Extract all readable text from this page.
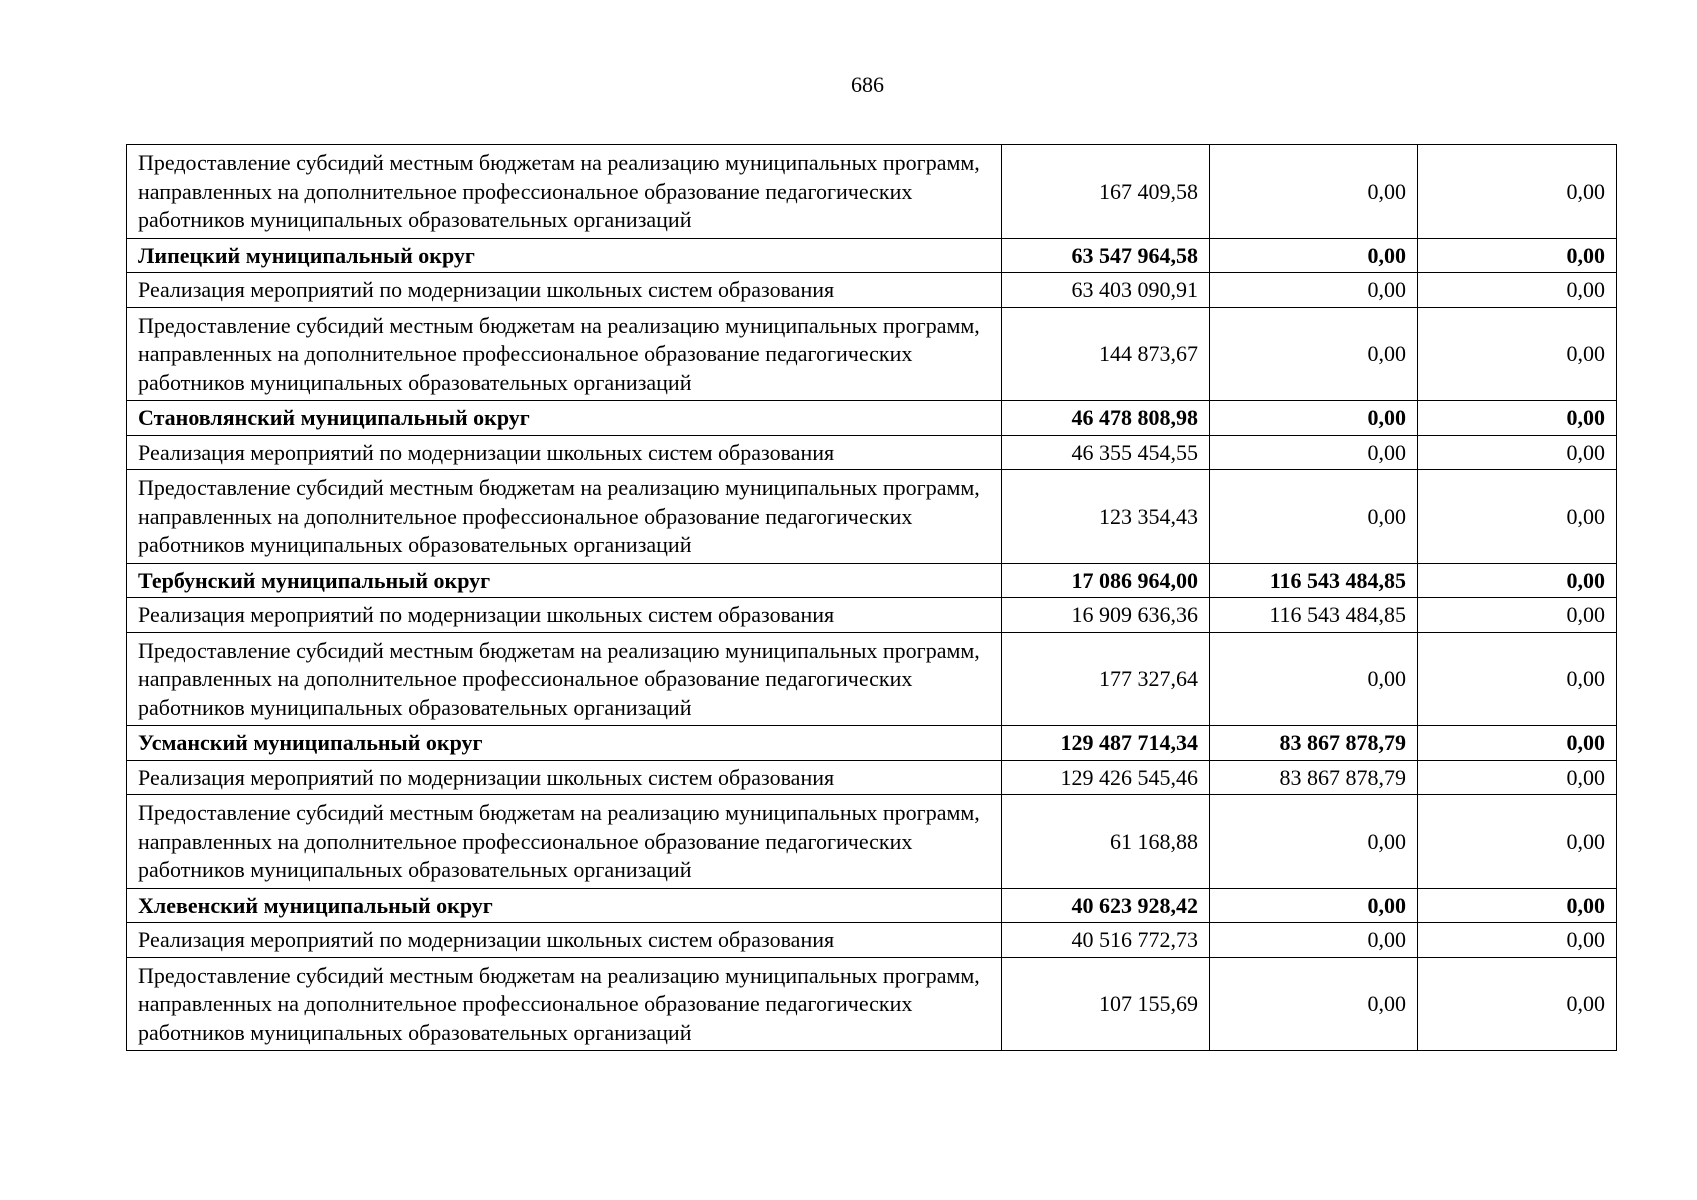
686
Предоставление субсидий местным бюджетам на реализацию муниципальных программ, направленных на дополнительное профессиональное образование педагогических работников муниципальных образовательных организаций	167 409,58	0,00	0,00
Липецкий муниципальный округ	63 547 964,58	0,00	0,00
Реализация мероприятий по модернизации школьных систем образования	63 403 090,91	0,00	0,00
Предоставление субсидий местным бюджетам на реализацию муниципальных программ, направленных на дополнительное профессиональное образование педагогических работников муниципальных образовательных организаций	144 873,67	0,00	0,00
Становлянский муниципальный округ	46 478 808,98	0,00	0,00
Реализация мероприятий по модернизации школьных систем образования	46 355 454,55	0,00	0,00
Предоставление субсидий местным бюджетам на реализацию муниципальных программ, направленных на дополнительное профессиональное образование педагогических работников муниципальных образовательных организаций	123 354,43	0,00	0,00
Тербунский муниципальный округ	17 086 964,00	116 543 484,85	0,00
Реализация мероприятий по модернизации школьных систем образования	16 909 636,36	116 543 484,85	0,00
Предоставление субсидий местным бюджетам на реализацию муниципальных программ, направленных на дополнительное профессиональное образование педагогических работников муниципальных образовательных организаций	177 327,64	0,00	0,00
Усманский муниципальный округ	129 487 714,34	83 867 878,79	0,00
Реализация мероприятий по модернизации школьных систем образования	129 426 545,46	83 867 878,79	0,00
Предоставление субсидий местным бюджетам на реализацию муниципальных программ, направленных на дополнительное профессиональное образование педагогических работников муниципальных образовательных организаций	61 168,88	0,00	0,00
Хлевенский муниципальный округ	40 623 928,42	0,00	0,00
Реализация мероприятий по модернизации школьных систем образования	40 516 772,73	0,00	0,00
Предоставление субсидий местным бюджетам на реализацию муниципальных программ, направленных на дополнительное профессиональное образование педагогических работников муниципальных образовательных организаций	107 155,69	0,00	0,00
